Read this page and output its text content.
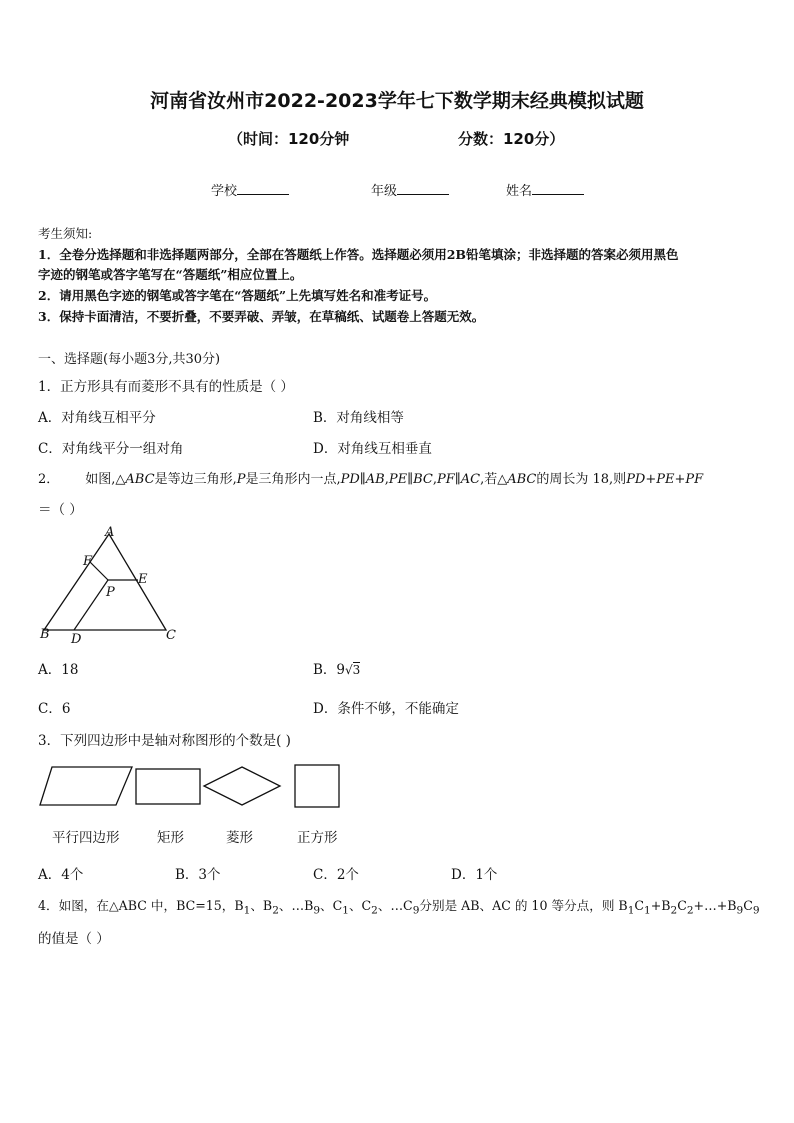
河南省汝州市2022-2023学年七下数学期末经典模拟试题
（时间：120分钟	分数：120分）
学校	年级	姓名
考生须知:
1．全卷分选择题和非选择题两部分，全部在答题纸上作答。选择题必须用2B铅笔填涂；非选择题的答案必须用黑色
字迹的钢笔或答字笔写在“答题纸”相应位置上。
2．请用黑色字迹的钢笔或答字笔在“答题纸”上先填写姓名和准考证号。
3．保持卡面清洁，不要折叠，不要弄破、弄皱，在草稿纸、试题卷上答题无效。
一、选择题(每小题3分,共30分)
1．正方形具有而菱形不具有的性质是（ ）
A．对角线互相平分	B．对角线相等
C．对角线平分一组对角	D．对角线互相垂直
2． 如图,△ABC是等边三角形,P是三角形内一点,PD∥AB,PE∥BC,PF∥AC,若△ABC的周长为 18,则PD+PE+PF
＝（ ）
A
B	C
D
E
F
P
A．18	B．9√3
C．6	D．条件不够，不能确定
3．下列四边形中是轴对称图形的个数是( )
平行四边形	矩形	菱形	正方形
A．4个	B．3个	C．2个	D．1个
4．如图，在△ABC 中，BC=15，$B_1$、$B_2$、$\dots B_9$、$C_1$、$C_2$、$\dots C_9$分别是 AB、AC 的 10 等分点，则 $B_1C_1+B_2C_2+\dots+B_9C_9$
的值是（ ）
